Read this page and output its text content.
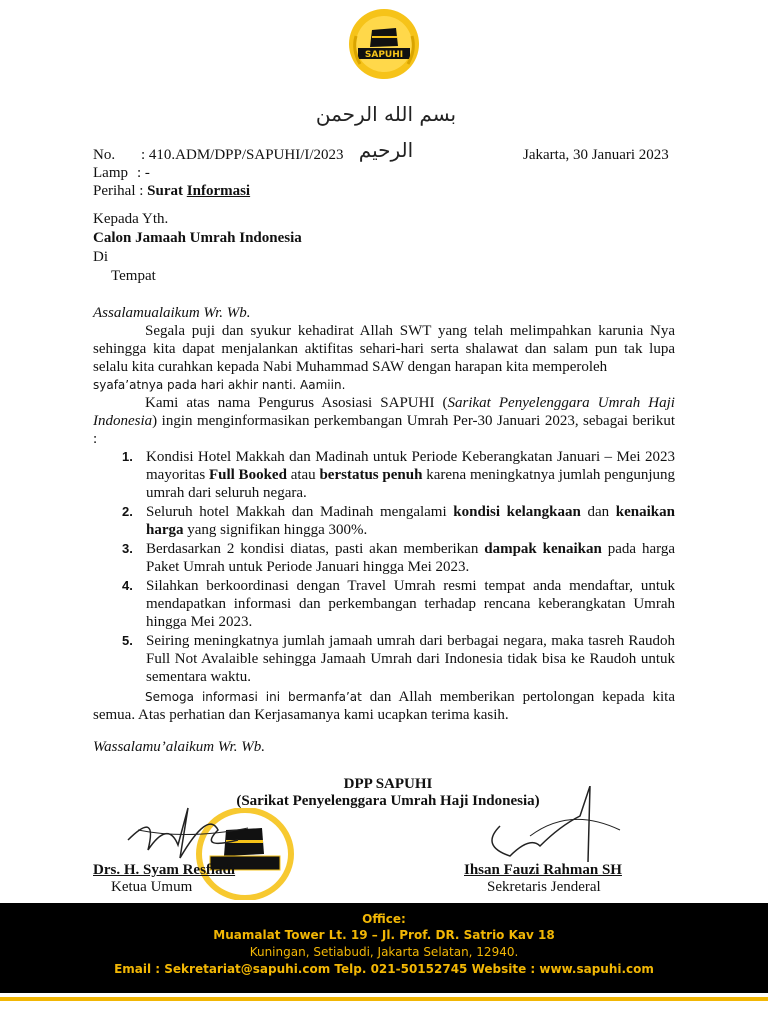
SAPUHI
بسم الله الرحمن الرحيم
No. : 410.ADM/DPP/SAPUHI/I/2023	Jakarta, 30 Januari 2023
Lamp : -
Perihal : Surat Informasi
Kepada Yth.
Calon Jamaah Umrah Indonesia
Di
Tempat
Assalamualaikum Wr. Wb.
Segala puji dan syukur kehadirat Allah SWT yang telah melimpahkan karunia Nya sehingga kita dapat menjalankan aktifitas sehari-hari serta shalawat dan salam pun tak lupa selalu kita curahkan kepada Nabi Muhammad SAW dengan harapan kita memperoleh
syafa’atnya pada hari akhir nanti. Aamiin.
Kami atas nama Pengurus Asosiasi SAPUHI (Sarikat Penyelenggara Umrah Haji Indonesia) ingin menginformasikan perkembangan Umrah Per-30 Januari 2023, sebagai berikut :
1. Kondisi Hotel Makkah dan Madinah untuk Periode Keberangkatan Januari – Mei 2023 mayoritas Full Booked atau berstatus penuh karena meningkatnya jumlah pengunjung umrah dari seluruh negara.
2. Seluruh hotel Makkah dan Madinah mengalami kondisi kelangkaan dan kenaikan harga yang signifikan hingga 300%.
3. Berdasarkan 2 kondisi diatas, pasti akan memberikan dampak kenaikan pada harga Paket Umrah untuk Periode Januari hingga Mei 2023.
4. Silahkan berkoordinasi dengan Travel Umrah resmi tempat anda mendaftar, untuk mendapatkan informasi dan perkembangan terhadap rencana keberangkatan Umrah hingga Mei 2023.
5. Seiring meningkatnya jumlah jamaah umrah dari berbagai negara, maka tasreh Raudoh Full Not Avalaible sehingga Jamaah Umrah dari Indonesia tidak bisa ke Raudoh untuk sementara waktu.
Semoga informasi ini bermanfa’at dan Allah memberikan pertolongan kepada kita semua. Atas perhatian dan Kerjasamanya kami ucapkan terima kasih.
Wassalamu’alaikum Wr. Wb.
DPP SAPUHI
(Sarikat Penyelenggara Umrah Haji Indonesia)
Drs. H. Syam Resfiadi
Ketua Umum
Ihsan Fauzi Rahman SH
Sekretaris Jenderal
Office:
Muamalat Tower Lt. 19 – Jl. Prof. DR. Satrio Kav 18
Kuningan, Setiabudi, Jakarta Selatan, 12940.
Email : Sekretariat@sapuhi.com Telp. 021-50152745 Website : www.sapuhi.com
